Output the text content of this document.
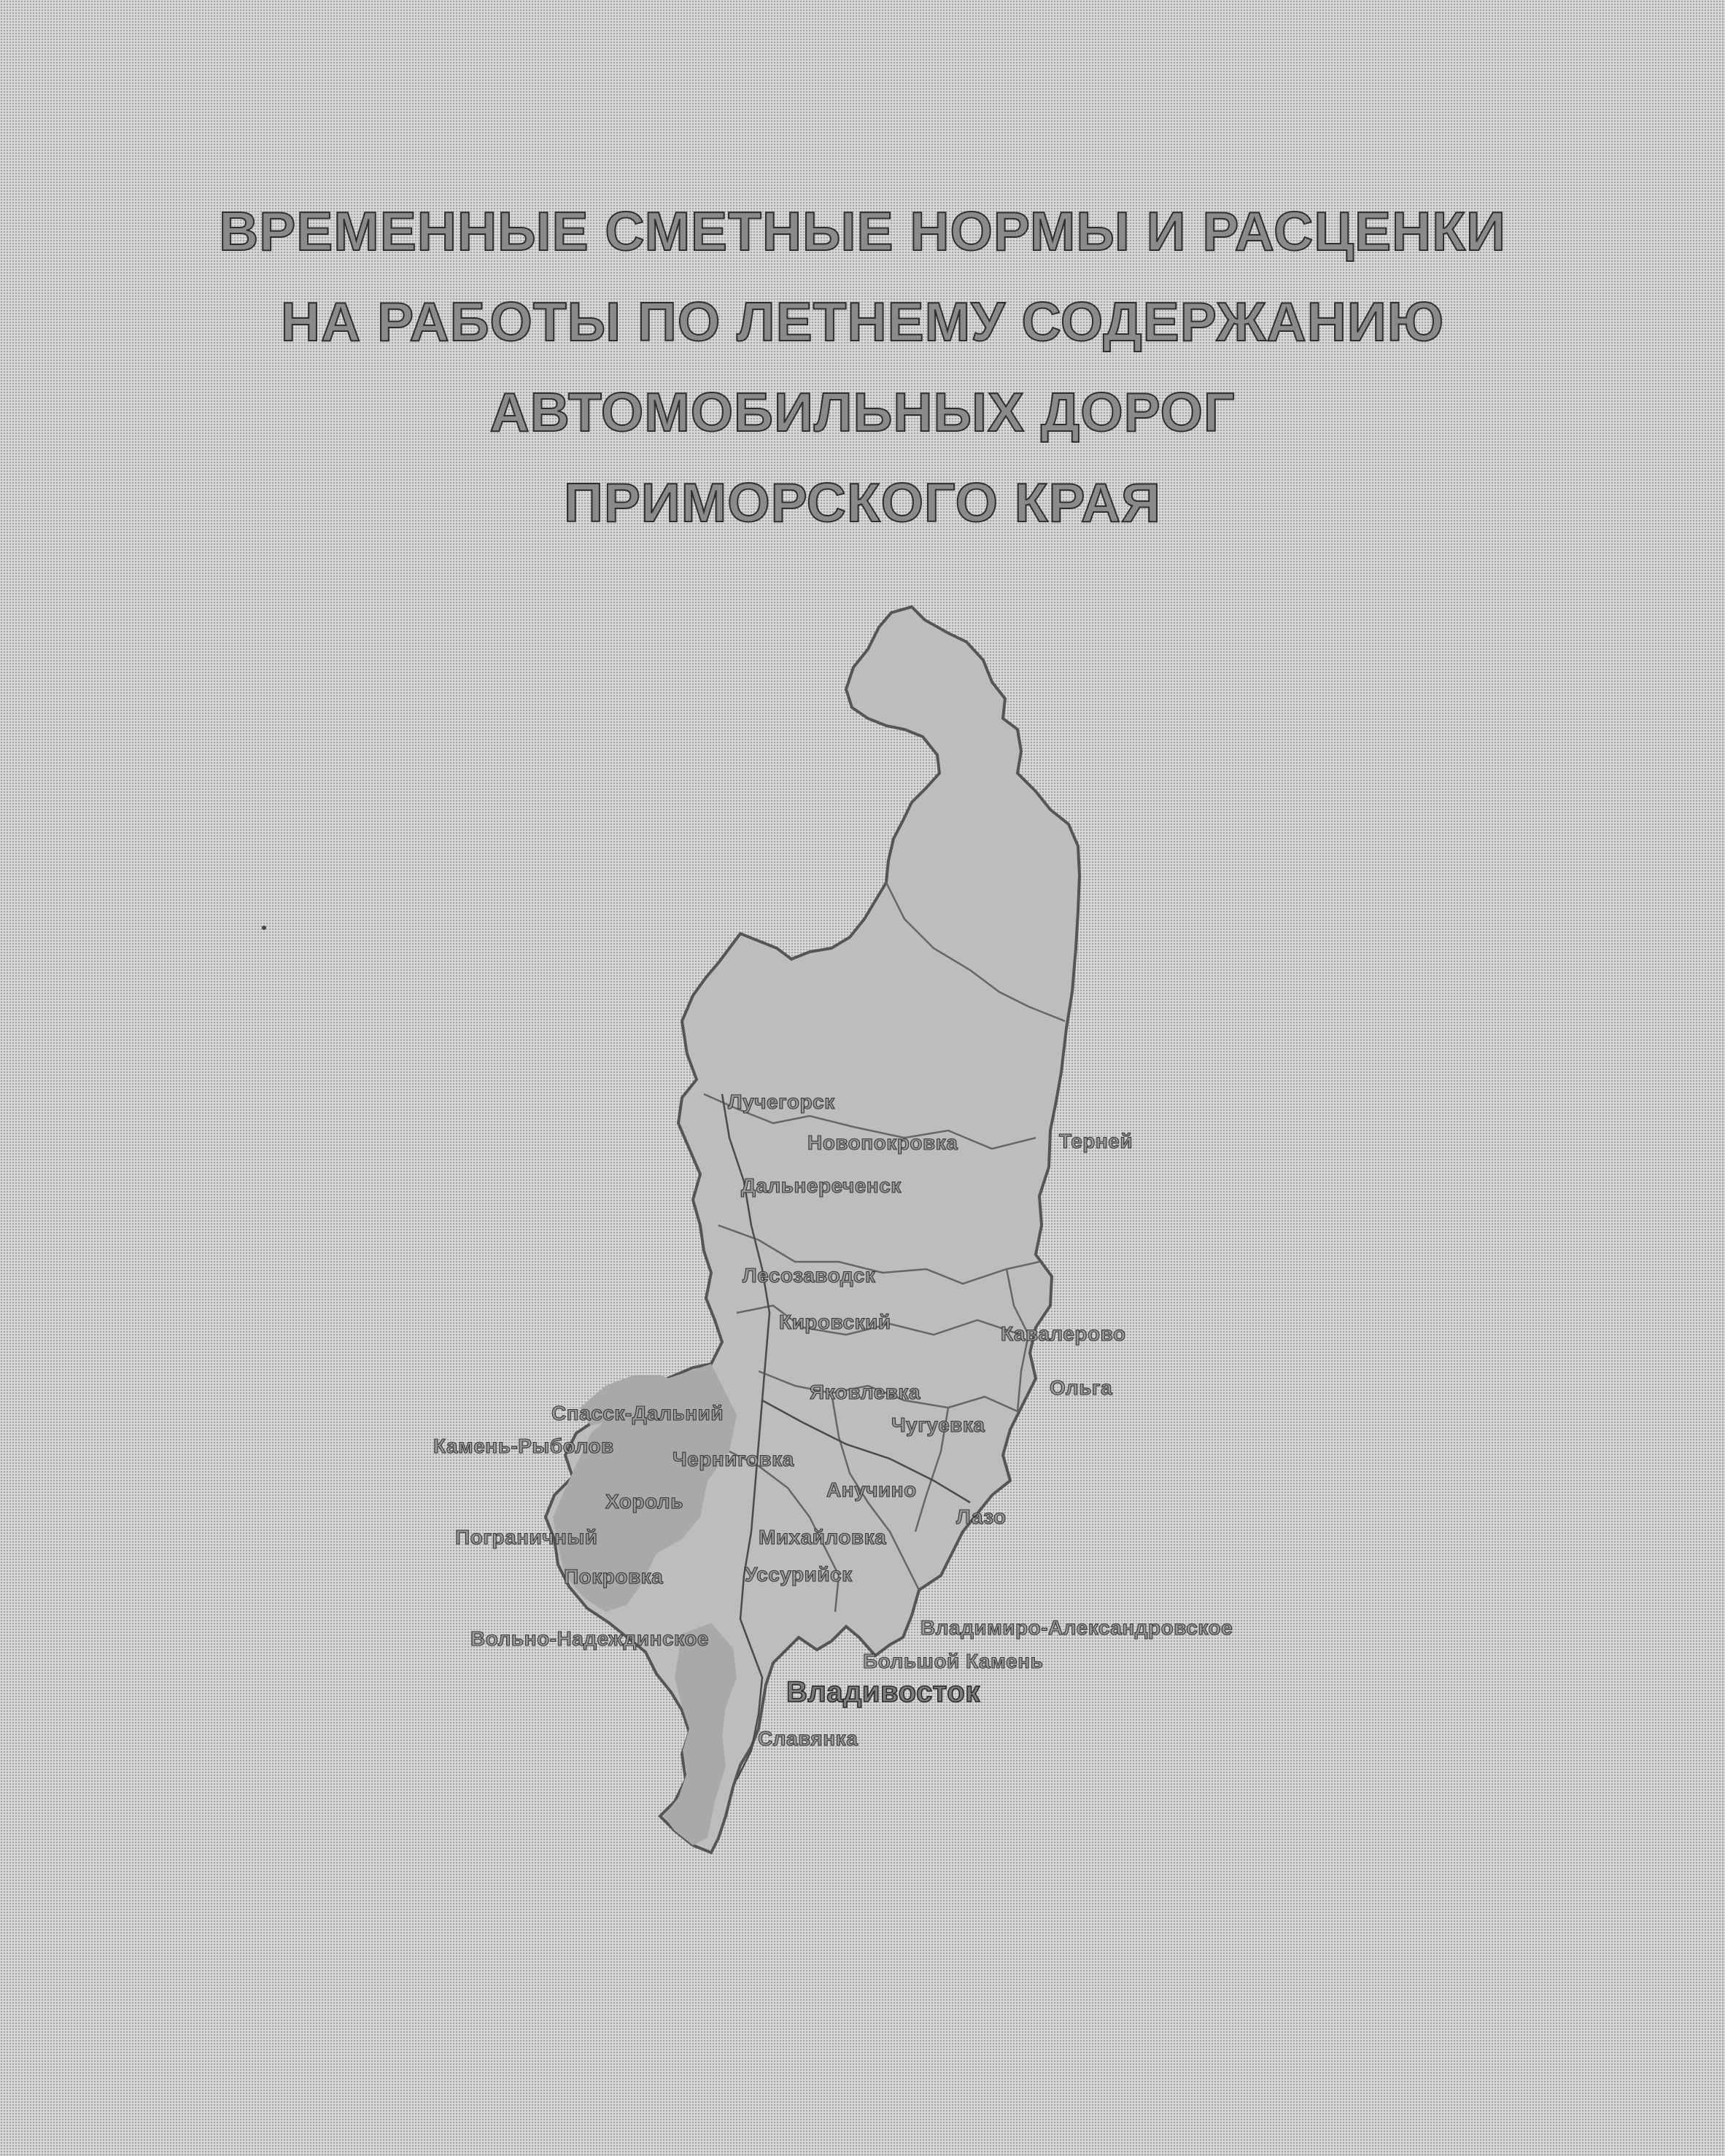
ВРЕМЕННЫЕ СМЕТНЫЕ НОРМЫ И РАСЦЕНКИ
НА РАБОТЫ ПО ЛЕТНЕМУ СОДЕРЖАНИЮ
АВТОМОБИЛЬНЫХ ДОРОГ
ПРИМОРСКОГО КРАЯ
Лучегорск
Новопокровка	Терней
Дальнереченск
Лесозаводск
Кировский
Кавалерово
Ольга
Яковлевка
Спасск-Дальний
Чугуевка
Камень-Рыболов
Черниговка
Анучино
Хороль
Лазо
Пограничный	Михайловка
Покровка	Уссурийск
Владимиро-Александровское
Вольно-Надеждинское
Большой Камень
Владивосток
Славянка
